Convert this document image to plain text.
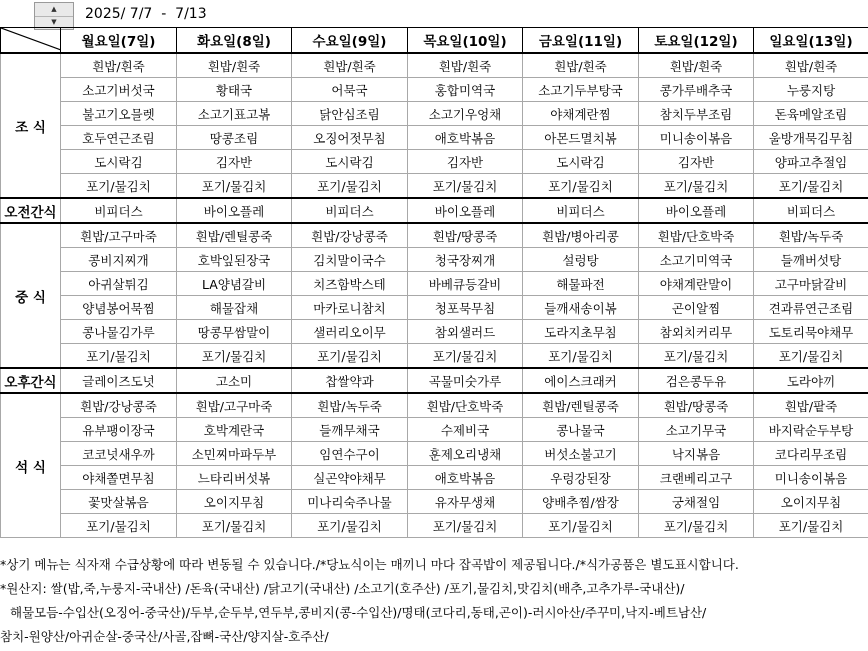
▲
▼	2025/ 7/7  -  7/13
	월요일(7일)	화요일(8일)	수요일(9일)	목요일(10일)	금요일(11일)	토요일(12일)	일요일(13일)
조 식	흰밥/흰죽	흰밥/흰죽	흰밥/흰죽	흰밥/흰죽	흰밥/흰죽	흰밥/흰죽	흰밥/흰죽
	소고기버섯국	황태국	어묵국	홍합미역국	소고기두부탕국	콩가루배추국	누룽지탕
	불고기오믈렛	소고기표고볶	닭안심조림	소고기우엉채	야채계란찜	참치두부조림	돈육메알조림
	호두연근조림	땅콩조림	오징어젓무침	애호박볶음	아몬드멸치볶	미니송이볶음	울방개묵김무침
	도시락김	김자반	도시락김	김자반	도시락김	김자반	양파고추절임
	포기/물김치	포기/물김치	포기/물김치	포기/물김치	포기/물김치	포기/물김치	포기/물김치
오전간식	비피더스	바이오플레	비피더스	바이오플레	비피더스	바이오플레	비피더스
중 식	흰밥/고구마죽	흰밥/렌틸콩죽	흰밥/강낭콩죽	흰밥/땅콩죽	흰밥/병아리콩	흰밥/단호박죽	흰밥/녹두죽
	콩비지찌개	호박잎된장국	김치말이국수	청국장찌개	설렁탕	소고기미역국	들깨버섯탕
	아귀살튀김	LA양념갈비	치즈함박스테	바베큐등갈비	해물파전	야채계란말이	고구마닭갈비
	양념봉어묵찜	해물잡채	마카로니참치	청포묵무침	들깨새송이볶	곤이알찜	견과류연근조림
	콩나물김가루	땅콩무쌈말이	샐러리오이무	참외샐러드	도라지초무침	참외치커리무	도토리묵야채무
	포기/물김치	포기/물김치	포기/물김치	포기/물김치	포기/물김치	포기/물김치	포기/물김치
오후간식	글레이즈도넛	고소미	찹쌀약과	곡물미숫가루	에이스크래커	검은콩두유	도라야끼
석 식	흰밥/강낭콩죽	흰밥/고구마죽	흰밥/녹두죽	흰밥/단호박죽	흰밥/렌틸콩죽	흰밥/땅콩죽	흰밥/팥죽
	유부팽이장국	호박계란국	들깨무채국	수제비국	콩나물국	소고기무국	바지락순두부탕
	코코넛새우까	소민찌마파두부	임연수구이	훈제오리냉채	버섯소불고기	낙지볶음	코다리무조림
	야채쫄면무침	느타리버섯볶	실곤약야채무	애호박볶음	우렁강된장	크랜베리고구	미니송이볶음
	꽃맛살볶음	오이지무침	미나리숙주나물	유자무생채	양배추찜/쌈장	궁채절임	오이지무침
	포기/물김치	포기/물김치	포기/물김치	포기/물김치	포기/물김치	포기/물김치	포기/물김치
*상기 메뉴는 식자재 수급상황에 따라 변동될 수 있습니다./*당뇨식이는 매끼니 마다 잡곡밥이 제공됩니다./*식가공품은 별도표시합니다.
*원산지: 쌀(밥,죽,누룽지-국내산) /돈육(국내산) /닭고기(국내산) /소고기(호주산) /포기,물김치,맛김치(배추,고추가루-국내산)/
해물모듬-수입산(오징어-중국산)/두부,순두부,연두부,콩비지(콩-수입산)/명태(코다리,동태,곤이)-러시아산/주꾸미,낙지-베트남산/
참치-원양산/아귀순살-중국산/사골,잡뼈-국산/양지살-호주산/
